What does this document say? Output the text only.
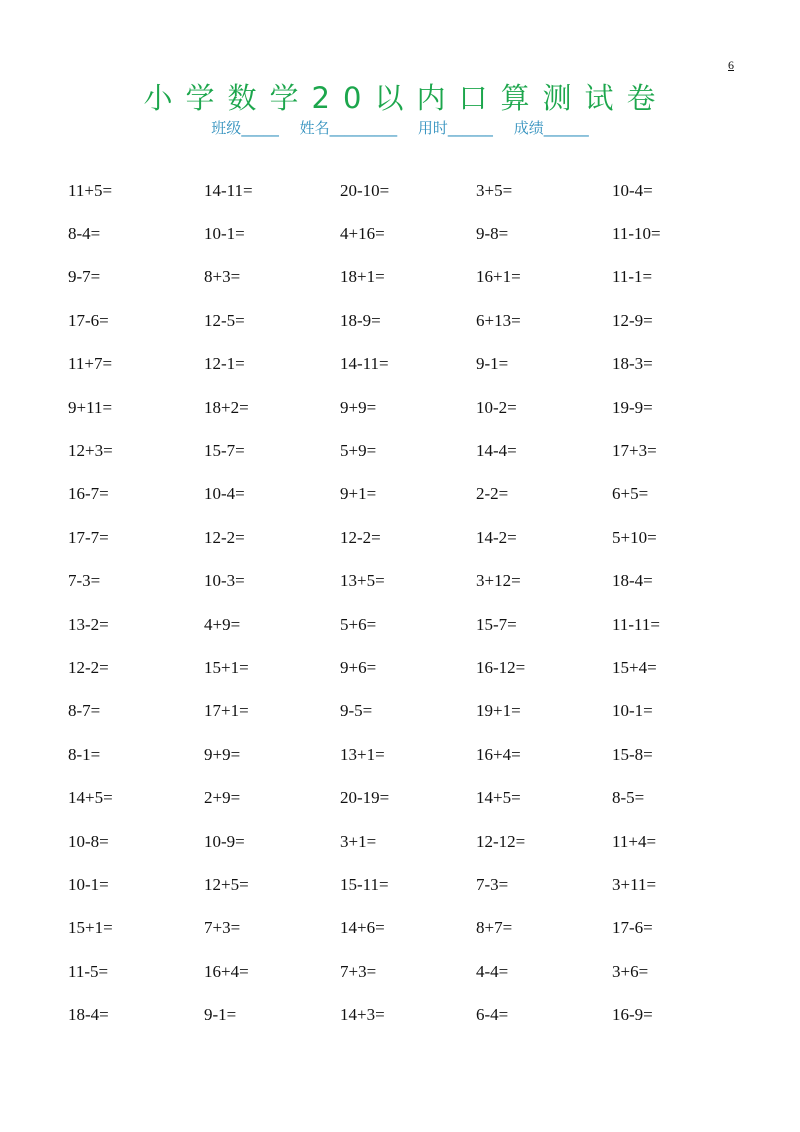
6
小学数学20以内口算测试卷
班级_____ 姓名_________ 用时______ 成绩______
11+5=	14-11=	20-10=	3+5=	10-4=
8-4=	10-1=	4+16=	9-8=	11-10=
9-7=	8+3=	18+1=	16+1=	11-1=
17-6=	12-5=	18-9=	6+13=	12-9=
11+7=	12-1=	14-11=	9-1=	18-3=
9+11=	18+2=	9+9=	10-2=	19-9=
12+3=	15-7=	5+9=	14-4=	17+3=
16-7=	10-4=	9+1=	2-2=	6+5=
17-7=	12-2=	12-2=	14-2=	5+10=
7-3=	10-3=	13+5=	3+12=	18-4=
13-2=	4+9=	5+6=	15-7=	11-11=
12-2=	15+1=	9+6=	16-12=	15+4=
8-7=	17+1=	9-5=	19+1=	10-1=
8-1=	9+9=	13+1=	16+4=	15-8=
14+5=	2+9=	20-19=	14+5=	8-5=
10-8=	10-9=	3+1=	12-12=	11+4=
10-1=	12+5=	15-11=	7-3=	3+11=
15+1=	7+3=	14+6=	8+7=	17-6=
11-5=	16+4=	7+3=	4-4=	3+6=
18-4=	9-1=	14+3=	6-4=	16-9=
